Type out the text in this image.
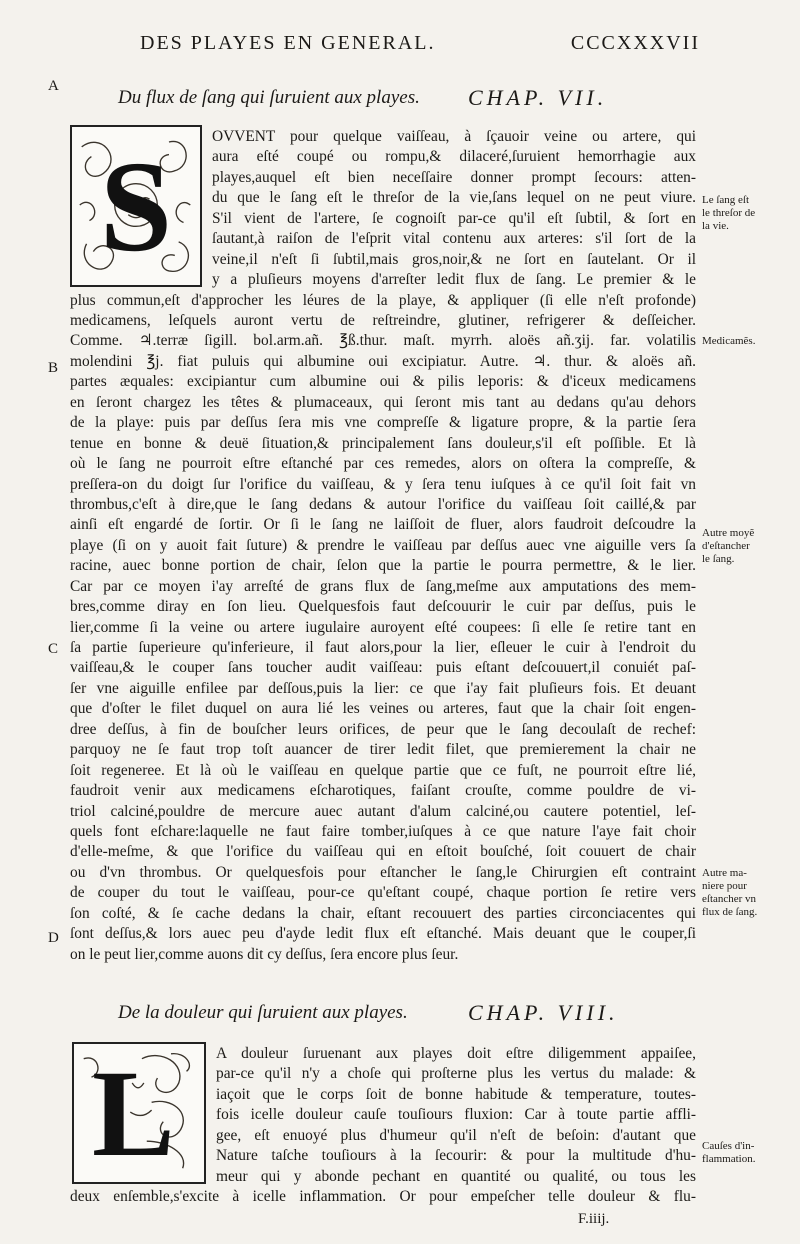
DES PLAYES EN GENERAL.	CCCXXXVII
A
B
C
D
Du flux de ſang qui ſuruient aux playes. CHAP. VII.
S	OVVENT pour quelque vaiſſeau, à ſçauoir veine ou artere, qui
aura eſté coupé ou rompu,& dilaceré,ſuruient hemorrhagie aux
playes,auquel eſt bien neceſſaire donner prompt ſecours: atten-
du que le ſang eſt le threſor de la vie,ſans lequel on ne peut viure.
S'il vient de l'artere, ſe cognoiſt par-ce qu'il eſt ſubtil, & ſort en
ſautant,à raiſon de l'eſprit vital contenu aux arteres: s'il ſort de la
veine,il n'eſt ſi ſubtil,mais gros,noir,& ne ſort en ſautelant. Or il
y a pluſieurs moyens d'arreſter ledit flux de ſang. Le premier & le
plus commun,eſt d'approcher les léures de la playe, & appliquer (ſi elle n'eſt profonde)
medicamens, leſquels auront vertu de reſtreindre, glutiner, refrigerer & deſſeicher.
Comme. ♃.terræ ſigill. bol.arm.añ. ℥ß.thur. maſt. myrrh. aloës añ.ʒij. far. volatilis
molendini ℥j. fiat puluis qui albumine oui excipiatur. Autre. ♃. thur. & aloës añ.
partes æquales: excipiantur cum albumine oui & pilis leporis: & d'iceux medicamens
en ſeront chargez les têtes & plumaceaux, qui ſeront mis tant au dedans qu'au dehors
de la playe: puis par deſſus ſera mis vne compreſſe & ligature propre, & la partie ſera
tenue en bonne & deuë ſituation,& principalement ſans douleur,s'il eſt poſſible. Et là
où le ſang ne pourroit eſtre eſtanché par ces remedes, alors on oſtera la compreſſe, &
preſſera-on du doigt ſur l'orifice du vaiſſeau, & y ſera tenu iuſques à ce qu'il ſoit fait vn
thrombus,c'eſt à dire,que le ſang dedans & autour l'orifice du vaiſſeau ſoit caillé,& par
ainſi eſt engardé de ſortir. Or ſi le ſang ne laiſſoit de fluer, alors faudroit deſcoudre la
playe (ſi on y auoit fait ſuture) & prendre le vaiſſeau par deſſus auec vne aiguille vers ſa
racine, auec bonne portion de chair, ſelon que la partie le pourra permettre, & le lier.
Car par ce moyen i'ay arreſté de grans flux de ſang,meſme aux amputations des mem-
bres,comme diray en ſon lieu. Quelquesfois faut deſcouurir le cuir par deſſus, puis le
lier,comme ſi la veine ou artere iugulaire auroyent eſté coupees: ſi elle ſe retire tant en
ſa partie ſuperieure qu'inferieure, il faut alors,pour la lier, eſleuer le cuir à l'endroit du
vaiſſeau,& le couper ſans toucher audit vaiſſeau: puis eſtant deſcouuert,il conuiét paſ-
ſer vne aiguille enfilee par deſſous,puis la lier: ce que i'ay fait pluſieurs fois. Et deuant
que d'oſter le filet duquel on aura lié les veines ou arteres, faut que la chair ſoit engen-
dree deſſus, à fin de bouſcher leurs orifices, de peur que le ſang decoulaſt de rechef:
parquoy ne ſe faut trop toſt auancer de tirer ledit filet, que premierement la chair ne
ſoit regeneree. Et là où le vaiſſeau en quelque partie que ce fuſt, ne pourroit eſtre lié,
faudroit venir aux medicamens eſcharotiques, faiſant crouſte, comme pouldre de vi-
triol calciné,pouldre de mercure auec autant d'alum calciné,ou cautere potentiel, leſ-
quels font eſchare:laquelle ne faut faire tomber,iuſques à ce que nature l'aye fait choir
d'elle-meſme, & que l'orifice du vaiſſeau qui en eſtoit bouſché, ſoit couuert de chair
ou d'vn thrombus. Or quelquesfois pour eſtancher le ſang,le Chirurgien eſt contraint
de couper du tout le vaiſſeau, pour-ce qu'eſtant coupé, chaque portion ſe retire vers
ſon coſté, & ſe cache dedans la chair, eſtant recouuert des parties circonciacentes qui
ſont deſſus,& lors auec peu d'ayde ledit flux eſt eſtanché. Mais deuant que le couper,ſi
on le peut lier,comme auons dit cy deſſus, ſera encore plus ſeur.
De la douleur qui ſuruient aux playes.	CHAP. VIII.
L	A douleur ſuruenant aux playes doit eſtre diligemment appaiſee,
par-ce qu'il n'y a choſe qui proſterne plus les vertus du malade: &
iaçoit que le corps ſoit de bonne habitude & temperature, toutes-
fois icelle douleur cauſe touſiours fluxion: Car à toute partie affli-
gee, eſt enuoyé plus d'humeur qu'il n'eſt de beſoin: d'autant que
Nature taſche touſiours à la ſecourir: & pour la multitude d'hu-
meur qui y abonde pechant en quantité ou qualité, ou tous les
deux enſemble,s'excite à icelle inflammation. Or pour empeſcher telle douleur & flu-
Le ſang eſt
le threſor de
la vie.
Medicamẽs.
Autre moyẽ
d'eſtancher
le ſang.
Autre ma-
niere pour
eſtancher vn
flux de ſang.
Cauſes d'in-
flammation.
F.iiij.
